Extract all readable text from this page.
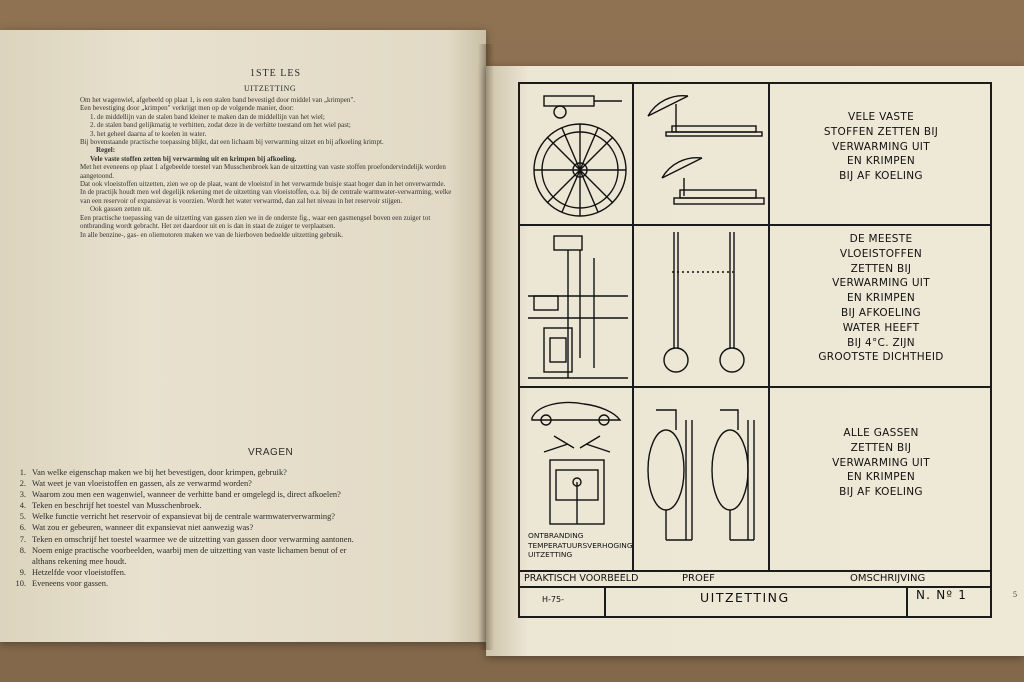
1STE LES
UITZETTING

Om het wagenwiel, afgebeeld op plaat 1, is een stalen band bevestigd door middel van „krimpen".

Een bevestiging door „krimpen" verkrijgt men op de volgende manier, door:

1. de middellijn van de stalen band kleiner te maken dan de middellijn van het wiel;

2. de stalen band gelijkmatig te verhitten, zodat deze in de verhitte toestand om het wiel past;

3. het geheel daarna af te koelen in water.

Bij bovenstaande practische toepassing blijkt, dat een lichaam bij verwarming uitzet en bij afkoeling krimpt.

Regel:

Vele vaste stoffen zetten bij verwarming uit en krimpen bij afkoeling.

Met het eveneens op plaat 1 afgebeelde toestel van Musschenbroek kan de uitzetting van vaste stoffen proefondervindelijk worden aangetoond.

Dat ook vloeistoffen uitzetten, zien we op de plaat, want de vloeistof in het verwarmde buisje staat hoger dan in het onverwarmde.

In de practijk houdt men wel degelijk rekening met de uitzetting van vloeistoffen, o.a. bij de centrale warmwater-verwarming, welke van een reservoir of expansievat is voorzien. Wordt het water verwarmd, dan zal het niveau in het reservoir stijgen.

Ook gassen zetten uit.

Een practische toepassing van de uitzetting van gassen zien we in de onderste fig., waar een gasmengsel boven een zuiger tot ontbranding wordt gebracht. Het zet daardoor uit en is dan in staat de zuiger te verplaatsen.

In alle benzine-, gas- en oliemotoren maken we van de hierboven bedoelde uitzetting gebruik.

VRAGEN
1. Van welke eigenschap maken we bij het bevestigen, door krimpen, gebruik?
2. Wat weet je van vloeistoffen en gassen, als ze verwarmd worden?
3. Waarom zou men een wagenwiel, wanneer de verhitte band er omgelegd is, direct afkoelen?
4. Teken en beschrijf het toestel van Musschenbroek.
5. Welke functie verricht het reservoir of expansievat bij de centrale warmwaterverwarming?
6. Wat zou er gebeuren, wanneer dit expansievat niet aanwezig was?
7. Teken en omschrijf het toestel waarmee we de uitzetting van gassen door verwarming aantonen.
8. Noem enige practische voorbeelden, waarbij men de uitzetting van vaste lichamen benut of er
althans rekening mee houdt.
9. Hetzelfde voor vloeistoffen.
10. Eveneens voor gassen.
ONTBRANDING
TEMPERATUURSVERHOGING
UITZETTING
VELE VASTE
STOFFEN ZETTEN BIJ
VERWARMING UIT
EN KRIMPEN
BIJ AF KOELING
DE MEESTE
VLOEISTOFFEN
ZETTEN BIJ
VERWARMING UIT
EN KRIMPEN
BIJ AFKOELING
WATER HEEFT
BIJ 4°C. ZIJN
GROOTSTE DICHTHEID
ALLE GASSEN
ZETTEN BIJ
VERWARMING UIT
EN KRIMPEN
BIJ AF KOELING
PRAKTISCH VOORBEELD	PROEF	OMSCHRIJVING
H-75-	UITZETTING	N. Nº 1	5
